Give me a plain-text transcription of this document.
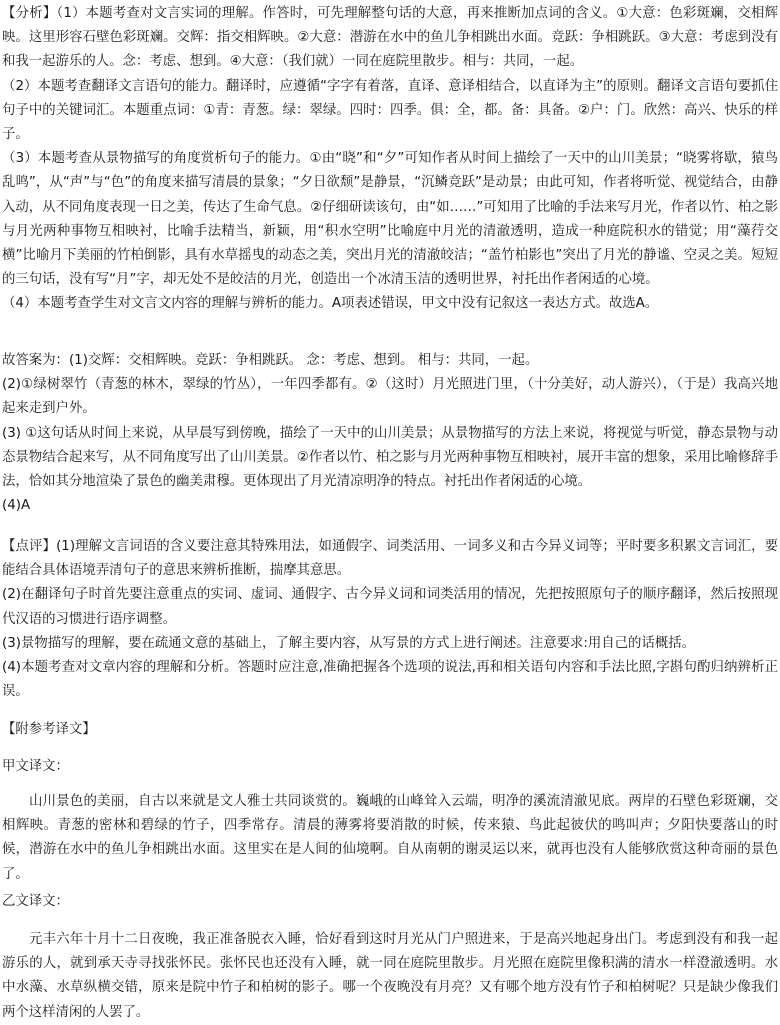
【分析】（1）本题考查对文言实词的理解。作答时，可先理解整句话的大意，再来推断加点词的含义。①大意：色彩斑斓，交相辉映。这里形容石壁色彩斑斓。交辉：指交相辉映。②大意：潜游在水中的鱼儿争相跳出水面。竞跃：争相跳跃。③大意：考虑到没有和我一起游乐的人。念：考虑、想到。④大意：（我们就）一同在庭院里散步。相与：共同，一起。

（2）本题考查翻译文言语句的能力。翻译时，应遵循“字字有着落，直译、意译相结合，以直译为主”的原则。翻译文言语句要抓住句子中的关键词汇。本题重点词：①青：青葱。绿：翠绿。四时：四季。俱：全，都。备：具备。②户：门。欣然：高兴、快乐的样子。

（3）本题考查从景物描写的角度赏析句子的能力。①由“晓”和“夕”可知作者从时间上描绘了一天中的山川美景；“晓雾将歇，猿鸟乱鸣”，从“声”与“色”的角度来描写清晨的景象；“夕日欲颓”是静景，“沉鳞竞跃”是动景；由此可知，作者将听觉、视觉结合，由静入动，从不同角度表现一日之美，传达了生命气息。②仔细研读该句，由“如……”可知用了比喻的手法来写月光，作者以竹、柏之影与月光两种事物互相映衬，比喻手法精当，新颖，用“积水空明”比喻庭中月光的清澈透明，造成一种庭院积水的错觉；用“藻荇交横”比喻月下美丽的竹柏倒影，具有水草摇曳的动态之美，突出月光的清澈皎洁；“盖竹柏影也”突出了月光的静谧、空灵之美。短短的三句话，没有写“月”字，却无处不是皎洁的月光，创造出一个冰清玉洁的透明世界，衬托出作者闲适的心境。

（4）本题考查学生对文言文内容的理解与辨析的能力。A项表述错误，甲文中没有记叙这一表达方式。故选A。

故答案为：(1)交辉：交相辉映。竞跃：争相跳跃。 念：考虑、想到。 相与：共同，一起。

(2)①绿树翠竹（青葱的林木，翠绿的竹丛），一年四季都有。②（这时）月光照进门里，（十分美好，动人游兴），（于是）我高兴地起来走到户外。

(3) ①这句话从时间上来说，从早晨写到傍晚，描绘了一天中的山川美景；从景物描写的方法上来说，将视觉与听觉，静态景物与动态景物结合起来写，从不同角度写出了山川美景。②作者以竹、柏之影与月光两种事物互相映衬，展开丰富的想象，采用比喻修辞手法，恰如其分地渲染了景色的幽美肃穆。更体现出了月光清凉明净的特点。衬托出作者闲适的心境。

(4)A

【点评】(1)理解文言词语的含义要注意其特殊用法，如通假字、词类活用、一词多义和古今异义词等；平时要多积累文言词汇，要能结合具体语境弄清句子的意思来辨析推断，揣摩其意思。

(2)在翻译句子时首先要注意重点的实词、虚词、通假字、古今异义词和词类活用的情况，先把按照原句子的顺序翻译，然后按照现代汉语的习惯进行语序调整。

(3)景物描写的理解，要在疏通文意的基础上，了解主要内容，从写景的方式上进行阐述。注意要求:用自己的话概括。

(4)本题考查对文章内容的理解和分析。答题时应注意,准确把握各个选项的说法,再和相关语句内容和手法比照,字斟句酌归纳辨析正误。

【附参考译文】

甲文译文：

山川景色的美丽，自古以来就是文人雅士共同谈赏的。巍峨的山峰耸入云端，明净的溪流清澈见底。两岸的石壁色彩斑斓，交相辉映。青葱的密林和碧绿的竹子，四季常存。清晨的薄雾将要消散的时候，传来猿、鸟此起彼伏的鸣叫声；夕阳快要落山的时候，潜游在水中的鱼儿争相跳出水面。这里实在是人间的仙境啊。自从南朝的谢灵运以来，就再也没有人能够欣赏这种奇丽的景色了。

乙文译文：

元丰六年十月十二日夜晚，我正准备脱衣入睡，恰好看到这时月光从门户照进来，于是高兴地起身出门。考虑到没有和我一起游乐的人，就到承天寺寻找张怀民。张怀民也还没有入睡，就一同在庭院里散步。月光照在庭院里像积满的清水一样澄澈透明。水中水藻、水草纵横交错，原来是院中竹子和柏树的影子。哪一个夜晚没有月亮？又有哪个地方没有竹子和柏树呢？只是缺少像我们两个这样清闲的人罢了。
